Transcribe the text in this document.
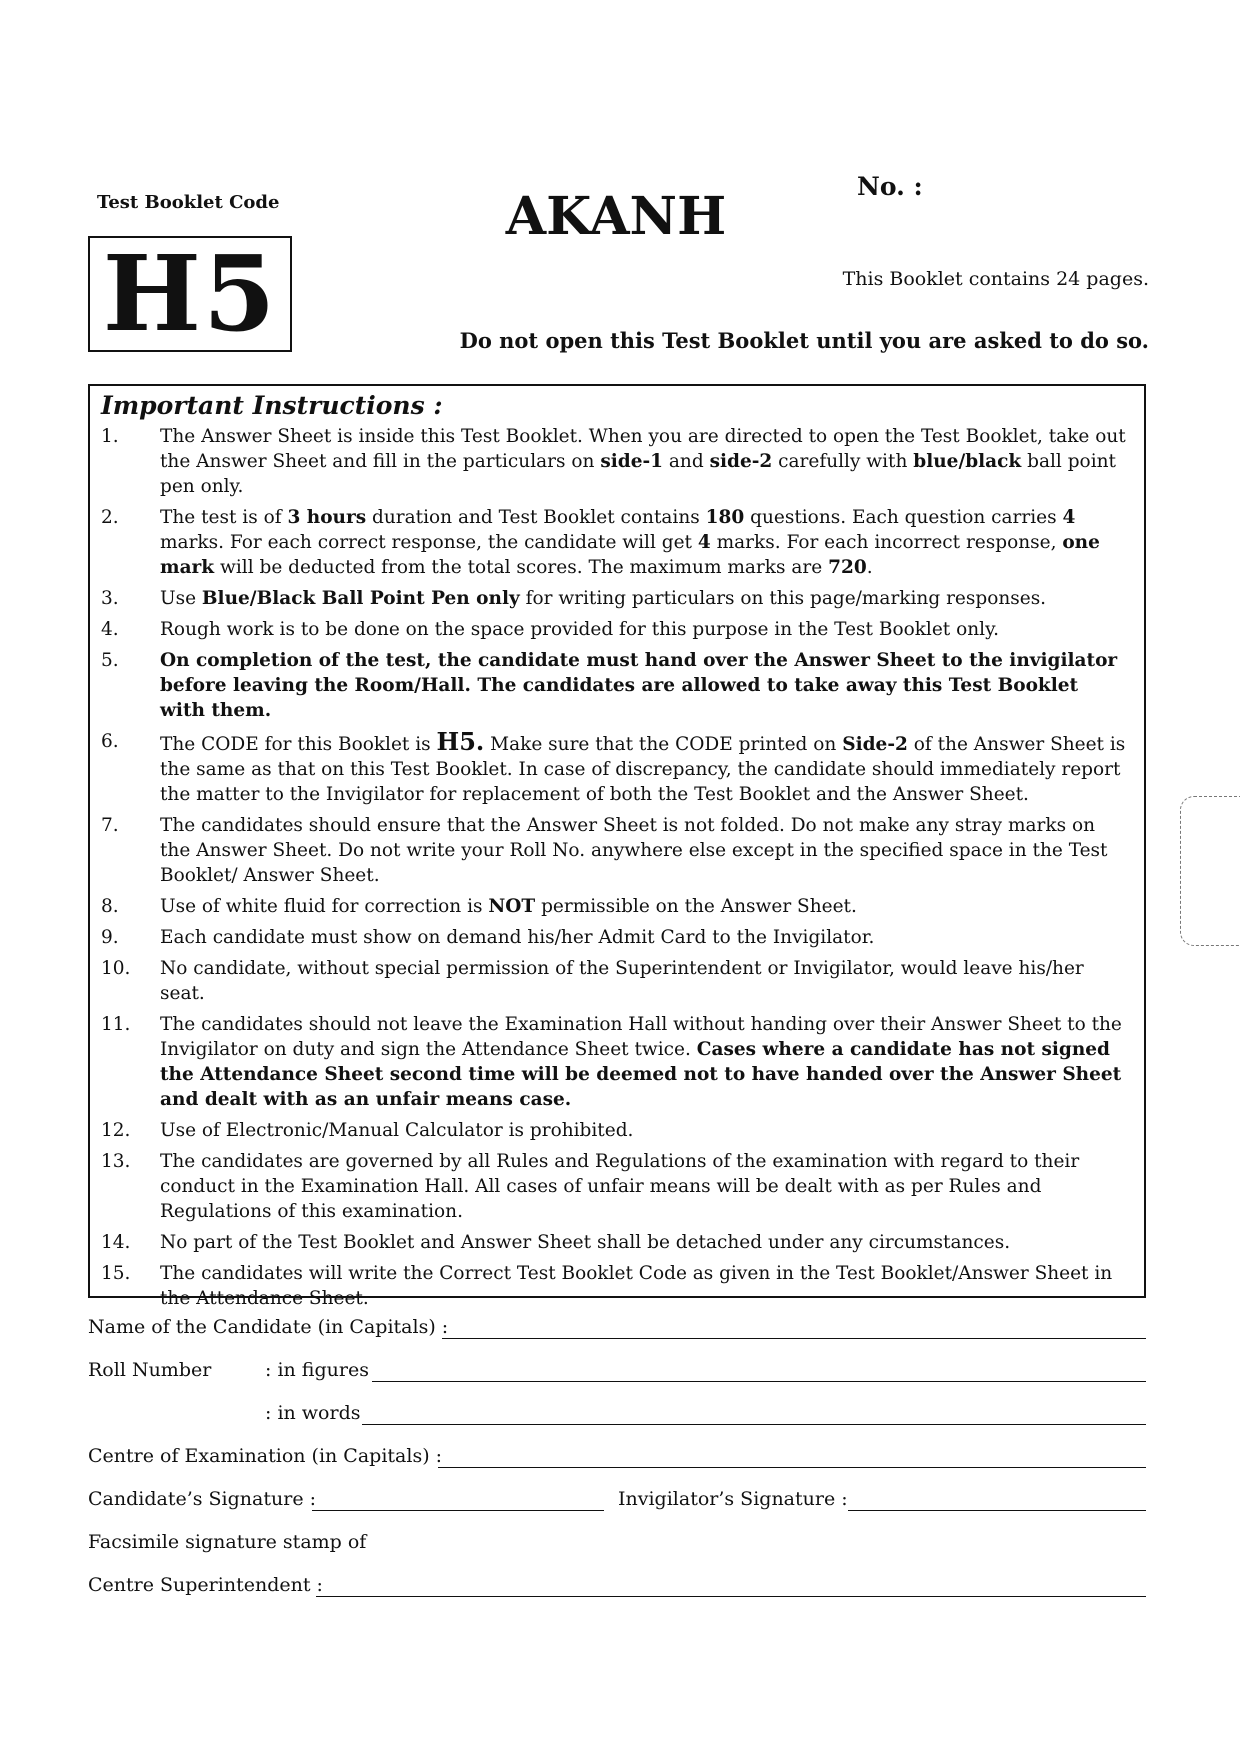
Test Booklet Code
H5
AKANH	No. :
This Booklet contains 24 pages.
Do not open this Test Booklet until you are asked to do so.
Important Instructions :
1. The Answer Sheet is inside this Test Booklet. When you are directed to open the Test Booklet, take out the Answer Sheet and fill in the particulars on side-1 and side-2 carefully with blue/black ball point pen only.
2. The test is of 3 hours duration and Test Booklet contains 180 questions. Each question carries 4 marks. For each correct response, the candidate will get 4 marks. For each incorrect response, one mark will be deducted from the total scores. The maximum marks are 720.
3. Use Blue/Black Ball Point Pen only for writing particulars on this page/marking responses.
4. Rough work is to be done on the space provided for this purpose in the Test Booklet only.
5. On completion of the test, the candidate must hand over the Answer Sheet to the invigilator before leaving the Room/Hall. The candidates are allowed to take away this Test Booklet with them.
6. The CODE for this Booklet is H5. Make sure that the CODE printed on Side-2 of the Answer Sheet is the same as that on this Test Booklet. In case of discrepancy, the candidate should immediately report the matter to the Invigilator for replacement of both the Test Booklet and the Answer Sheet.
7. The candidates should ensure that the Answer Sheet is not folded. Do not make any stray marks on the Answer Sheet. Do not write your Roll No. anywhere else except in the specified space in the Test Booklet/ Answer Sheet.
8. Use of white fluid for correction is NOT permissible on the Answer Sheet.
9. Each candidate must show on demand his/her Admit Card to the Invigilator.
10. No candidate, without special permission of the Superintendent or Invigilator, would leave his/her seat.
11. The candidates should not leave the Examination Hall without handing over their Answer Sheet to the Invigilator on duty and sign the Attendance Sheet twice. Cases where a candidate has not signed the Attendance Sheet second time will be deemed not to have handed over the Answer Sheet and dealt with as an unfair means case.
12. Use of Electronic/Manual Calculator is prohibited.
13. The candidates are governed by all Rules and Regulations of the examination with regard to their conduct in the Examination Hall. All cases of unfair means will be dealt with as per Rules and Regulations of this examination.
14. No part of the Test Booklet and Answer Sheet shall be detached under any circumstances.
15. The candidates will write the Correct Test Booklet Code as given in the Test Booklet/Answer Sheet in the Attendance Sheet.
Name of the Candidate (in Capitals) :
Roll Number	: in figures
: in words
Centre of Examination (in Capitals) :
Candidate’s Signature :	Invigilator’s Signature :
Facsimile signature stamp of
Centre Superintendent :
